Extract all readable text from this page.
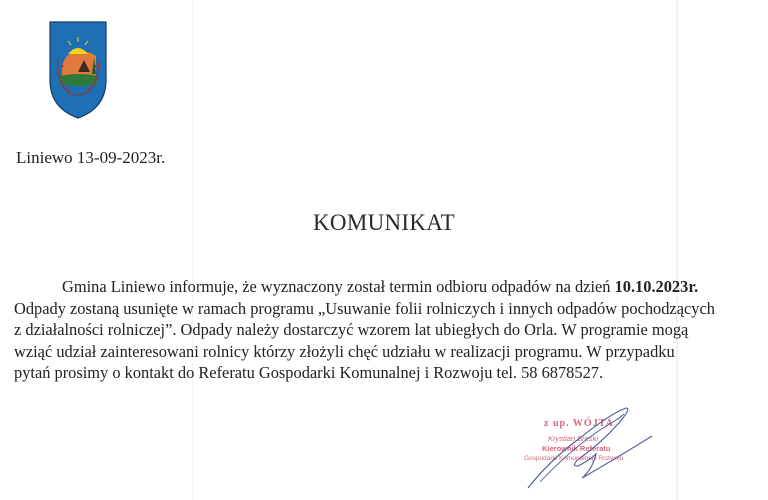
Liniewo 13-09-2023r.
KOMUNIKAT
Gmina Liniewo informuje, że wyznaczony został termin odbioru odpadów na dzień 10.10.2023r.
Odpady zostaną usunięte w ramach programu „Usuwanie folii rolniczych i innych odpadów pochodzących
z działalności rolniczej”. Odpady należy dostarczyć wzorem lat ubiegłych do Orla. W programie mogą
wziąć udział zainteresowani rolnicy którzy złożyli chęć udziału w realizacji programu. W przypadku
pytań prosimy o kontakt do Referatu Gospodarki Komunalnej i Rozwoju tel. 58 6878527.
z up. WÓJTA
Krystian Breski
Kierownik Referatu
Gospodarki Komunalnej i Rozwoju
